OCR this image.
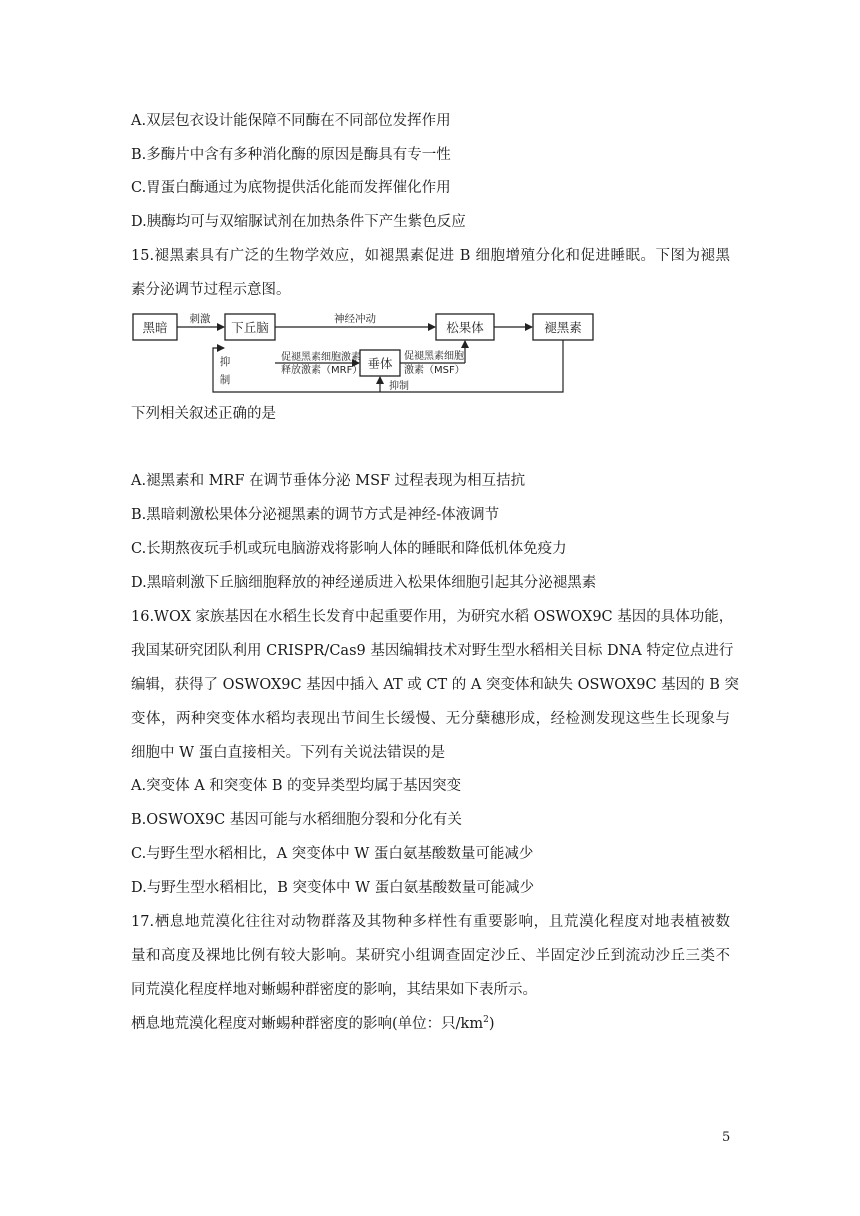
A.双层包衣设计能保障不同酶在不同部位发挥作用
B.多酶片中含有多种消化酶的原因是酶具有专一性
C.胃蛋白酶通过为底物提供活化能而发挥催化作用
D.胰酶均可与双缩脲试剂在加热条件下产生紫色反应
15.褪黑素具有广泛的生物学效应，如褪黑素促进 B 细胞增殖分化和促进睡眠。下图为褪黑
素分泌调节过程示意图。
黑暗	下丘脑	松果体	褪黑素
垂体
刺激	神经冲动
促褪黑素细胞激素
释放激素（MRF）
促褪黑素细胞
激素（MSF）
抑
制
抑制
下列相关叙述正确的是
A.褪黑素和 MRF 在调节垂体分泌 MSF 过程表现为相互拮抗
B.黑暗刺激松果体分泌褪黑素的调节方式是神经-体液调节
C.长期熬夜玩手机或玩电脑游戏将影响人体的睡眠和降低机体免疫力
D.黑暗刺激下丘脑细胞释放的神经递质进入松果体细胞引起其分泌褪黑素
16.WOX 家族基因在水稻生长发育中起重要作用，为研究水稻 OSWOX9C 基因的具体功能，
我国某研究团队利用 CRISPR/Cas9 基因编辑技术对野生型水稻相关目标 DNA 特定位点进行
编辑，获得了 OSWOX9C 基因中插入 AT 或 CT 的 A 突变体和缺失 OSWOX9C 基因的 B 突
变体，两种突变体水稻均表现出节间生长缓慢、无分蘖穗形成，经检测发现这些生长现象与
细胞中 W 蛋白直接相关。下列有关说法错误的是
A.突变体 A 和突变体 B 的变异类型均属于基因突变
B.OSWOX9C 基因可能与水稻细胞分裂和分化有关
C.与野生型水稻相比，A 突变体中 W 蛋白氨基酸数量可能减少
D.与野生型水稻相比，B 突变体中 W 蛋白氨基酸数量可能减少
17.栖息地荒漠化往往对动物群落及其物种多样性有重要影响，且荒漠化程度对地表植被数
量和高度及裸地比例有较大影响。某研究小组调查固定沙丘、半固定沙丘到流动沙丘三类不
同荒漠化程度样地对蜥蜴种群密度的影响，其结果如下表所示。
栖息地荒漠化程度对蜥蜴种群密度的影响(单位：只$/km^2$)
5
